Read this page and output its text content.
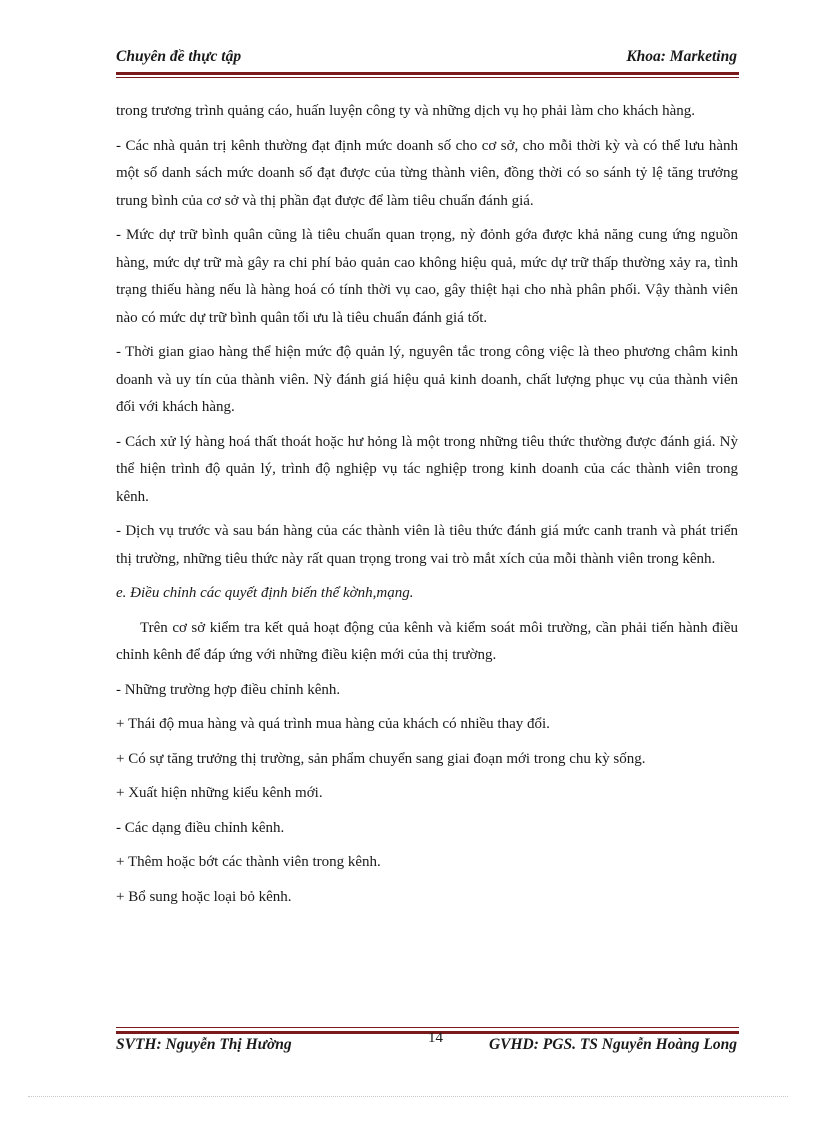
Chuyên đề thực tập	Khoa: Marketing

trong trương trình quảng cáo, huấn luyện công ty và những dịch vụ họ phải làm cho khách hàng.

- Các nhà quản trị kênh thường đạt định mức doanh số cho cơ sở, cho mỗi thời kỳ và có thể lưu hành một số danh sách mức doanh số đạt được của từng thành viên, đồng thời có so sánh tỷ lệ tăng trưởng trung bình của cơ sở và thị phần đạt được để làm tiêu chuẩn đánh giá.

- Mức dự trữ bình quân cũng là tiêu chuẩn quan trọng, nỳ đỏnh gớa được khả năng cung ứng nguồn hàng, mức dự trữ mà gây ra chi phí bảo quản cao không hiệu quả, mức dự trữ thấp thường xảy ra, tình trạng thiếu hàng nếu là hàng hoá có tính thời vụ cao, gây thiệt hại cho nhà phân phối. Vậy thành viên nào có mức dự trữ bình quân tối ưu là tiêu chuẩn đánh giá tốt.

- Thời gian giao hàng thể hiện mức độ quản lý, nguyên tắc trong công việc là theo phương châm kinh doanh và uy tín của thành viên. Nỳ đánh giá hiệu quả kinh doanh, chất lượng phục vụ của thành viên đối với khách hàng.

- Cách xử lý hàng hoá thất thoát hoặc hư hỏng là một trong những tiêu thức thường được đánh giá. Nỳ thể hiện trình độ quản lý, trình độ nghiệp vụ tác nghiệp trong kinh doanh của các thành viên trong kênh.

- Dịch vụ trước và sau bán hàng của các thành viên là tiêu thức đánh giá mức canh tranh và phát triển thị trường, những tiêu thức này rất quan trọng trong vai trò mắt xích của mỗi thành viên trong kênh.

e. Điều chỉnh các quyết định biến thể kờnh,mạng.

Trên cơ sở kiểm tra kết quả hoạt động của kênh và kiểm soát môi trường, cần phải tiến hành điều chỉnh kênh để đáp ứng với những điều kiện mới của thị trường.

- Những trường hợp điều chỉnh kênh.

+ Thái độ mua hàng và quá trình mua hàng của khách có nhiều thay đổi.

+ Có sự tăng trưởng thị trường, sản phẩm chuyển sang giai đoạn mới trong chu kỳ sống.

+ Xuất hiện những kiểu kênh mới.

- Các dạng điều chỉnh kênh.

+ Thêm hoặc bớt các thành viên trong kênh.

+ Bổ sung hoặc loại bỏ kênh.

SVTH: Nguyễn Thị Hường	GVHD: PGS. TS Nguyễn Hoàng Long
14
